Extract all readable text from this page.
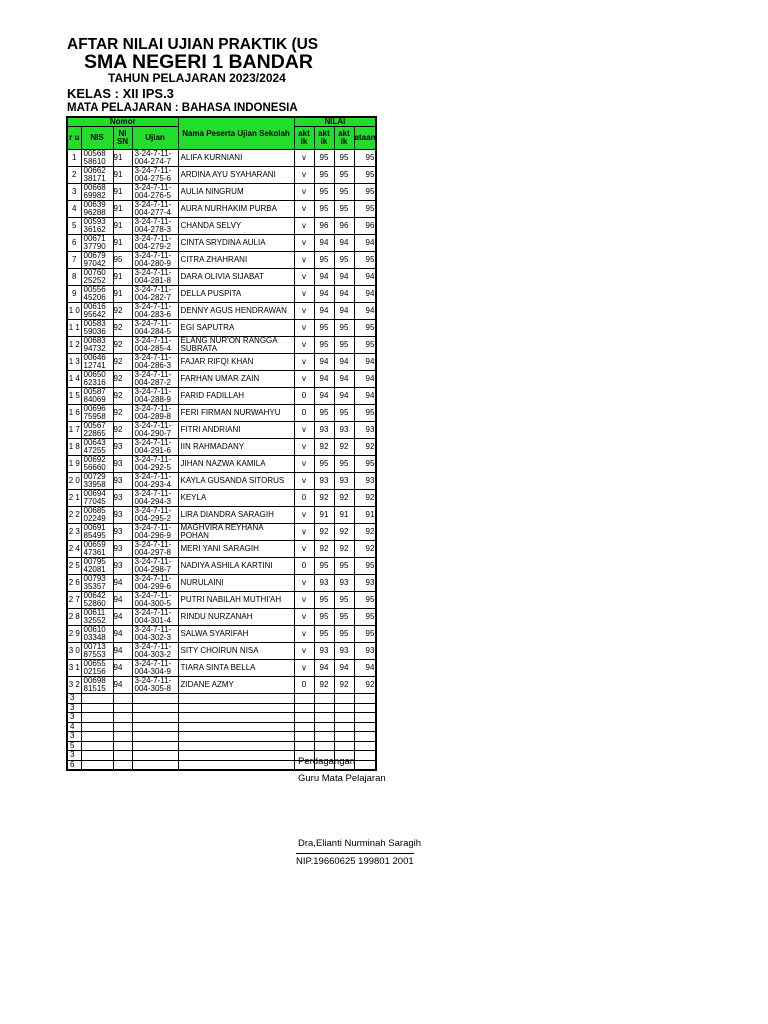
AFTAR NILAI UJIAN PRAKTIK (US
SMA NEGERI 1 BANDAR
TAHUN PELAJARAN 2023/2024
KELAS : XII IPS.3
MATA PELAJARAN : BAHASA INDONESIA
Nomor				Nama Peserta Ujian Sekolah	NILAI			
r u	NIS	NI SN	Ujian		akt ik	akt ik	akt ik	ataan
1	00568 58610	91	3-24-7-11-004-274-7	ALIFA KURNIANI	v	95	95	95
2	00662 38171	91	3-24-7-11-004-275-6	ARDINA AYU SYAHARANI	v	95	95	95
3	00668 69982	91	3-24-7-11-004-276-5	AULIA NINGRUM	v	95	95	95
4	00639 96288	91	3-24-7-11-004-277-4	AURA NURHAKIM PURBA	v	95	95	95
5	00593 36162	91	3-24-7-11-004-278-3	CHANDA SELVY	v	96	96	96
6	00671 37790	91	3-24-7-11-004-279-2	CINTA SRYDINA AULIA	v	94	94	94
7	00679 97042	95	3-24-7-11-004-280-9	CITRA ZHAHRANI	v	95	95	95
8	00760 25252	91	3-24-7-11-004-281-8	DARA OLIVIA SIJABAT	v	94	94	94
9	00556 45206	91	3-24-7-11-004-282-7	DELLA PUSPITA	v	94	94	94
1 0	00616 95642	92	3-24-7-11-004-283-6	DENNY AGUS HENDRAWAN	v	94	94	94
1 1	00583 59036	92	3-24-7-11-004-284-5	EGI SAPUTRA	v	95	95	95
1 2	00683 94732	92	3-24-7-11-004-285-4	ELANG NUR'ON RANGGA SUBRATA	v	95	95	95
1 3	00646 12741	92	3-24-7-11-004-286-3	FAJAR RIFQI KHAN	v	94	94	94
1 4	00650 62316	92	3-24-7-11-004-287-2	FARHAN UMAR ZAIN	v	94	94	94
1 5	00587 84069	92	3-24-7-11-004-288-9	FARID FADILLAH	0	94	94	94
1 6	00696 75958	92	3-24-7-11-004-289-8	FERI FIRMAN NURWAHYU	0	95	95	95
1 7	00567 22865	92	3-24-7-11-004-290-7	FITRI ANDRIANI	v	93	93	93
1 8	00643 47255	93	3-24-7-11-004-291-6	IIN RAHMADANY	v	92	92	92
1 9	00692 56660	93	3-24-7-11-004-292-5	JIHAN NAZWA KAMILA	v	95	95	95
2 0	00729 33958	93	3-24-7-11-004-293-4	KAYLA GUSANDA SITORUS	v	93	93	93
2 1	00694 77045	93	3-24-7-11-004-294-3	KEYLA	0	92	92	92
2 2	00685 02249	93	3-24-7-11-004-295-2	LIRA DIANDRA SARAGIH	v	91	91	91
2 3	00691 85495	93	3-24-7-11-004-296-9	MAGHVIRA REYHANA POHAN	v	92	92	92
2 4	00659 47361	93	3-24-7-11-004-297-8	MERI YANI SARAGIH	v	92	92	92
2 5	00795 42081	93	3-24-7-11-004-298-7	NADIYA ASHILA KARTINI	0	95	95	95
2 6	00793 35357	94	3-24-7-11-004-299-6	NURULAINI	v	93	93	93
2 7	00642 52860	94	3-24-7-11-004-300-5	PUTRI NABILAH MUTHI'AH	v	95	95	95
2 8	00611 32552	94	3-24-7-11-004-301-4	RINDU NURZANAH	v	95	95	95
2 9	00610 03348	94	3-24-7-11-004-302-3	SALWA SYARIFAH	v	95	95	95
3 0	00713 87553	94	3-24-7-11-004-303-2	SITY CHOIRUN NISA	v	93	93	93
3 1	00655 02156	94	3-24-7-11-004-304-9	TIARA SINTA BELLA	v	94	94	94
3 2	00698 81515	94	3-24-7-11-004-305-8	ZIDANE AZMY	0	92	92	92
3								
3								
3								
4								
3								
5								
3								
6									Perdagangan
Guru Mata Pelajaran
Dra,Elianti Nurminah Saragih
NIP.19660625 199801 2001
